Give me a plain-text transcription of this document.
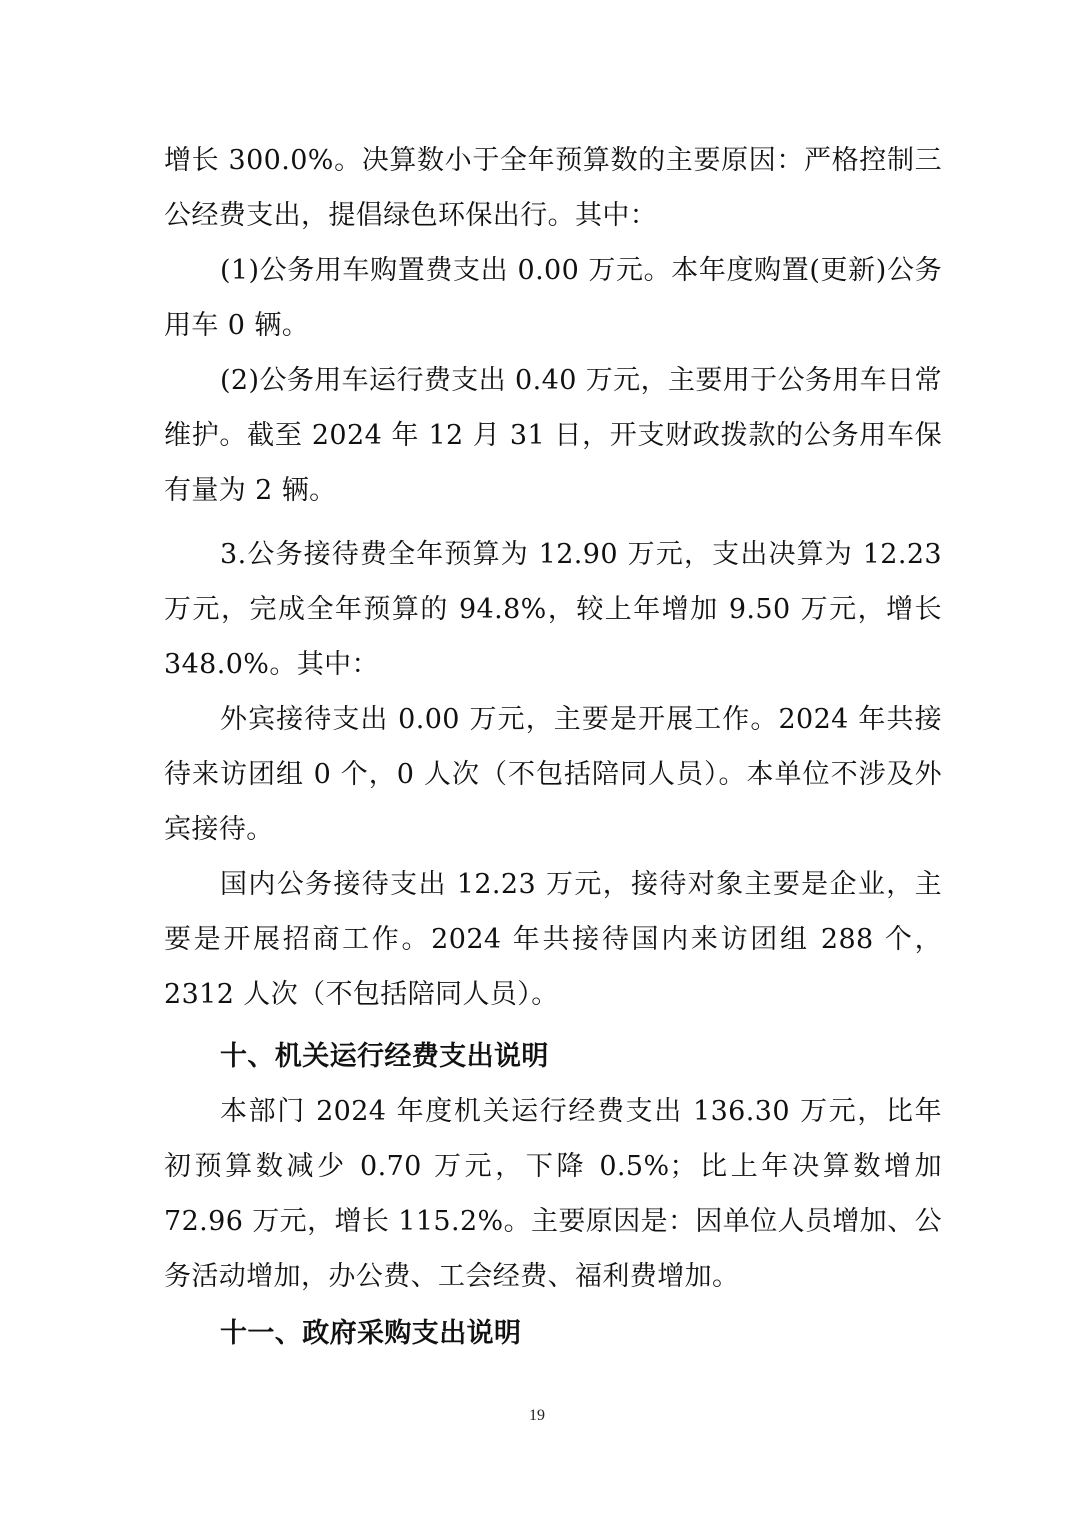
增长 300.0%。决算数小于全年预算数的主要原因：严格控制三公经费支出，提倡绿色环保出行。其中：

(1)公务用车购置费支出 0.00 万元。本年度购置(更新)公务用车 0 辆。

(2)公务用车运行费支出 0.40 万元，主要用于公务用车日常维护。截至 2024 年 12 月 31 日，开支财政拨款的公务用车保有量为 2 辆。

3.公务接待费全年预算为 12.90 万元，支出决算为 12.23 万元，完成全年预算的 94.8%，较上年增加 9.50 万元，增长 348.0%。其中：

外宾接待支出 0.00 万元，主要是开展工作。2024 年共接待来访团组 0 个，0 人次（不包括陪同人员）。本单位不涉及外宾接待。

国内公务接待支出 12.23 万元，接待对象主要是企业，主要是开展招商工作。2024 年共接待国内来访团组 288 个，2312 人次（不包括陪同人员）。

十、机关运行经费支出说明

本部门 2024 年度机关运行经费支出 136.30 万元，比年初预算数减少 0.70 万元，下降 0.5%；比上年决算数增加 72.96 万元，增长 115.2%。主要原因是：因单位人员增加、公务活动增加，办公费、工会经费、福利费增加。

十一、政府采购支出说明

19
